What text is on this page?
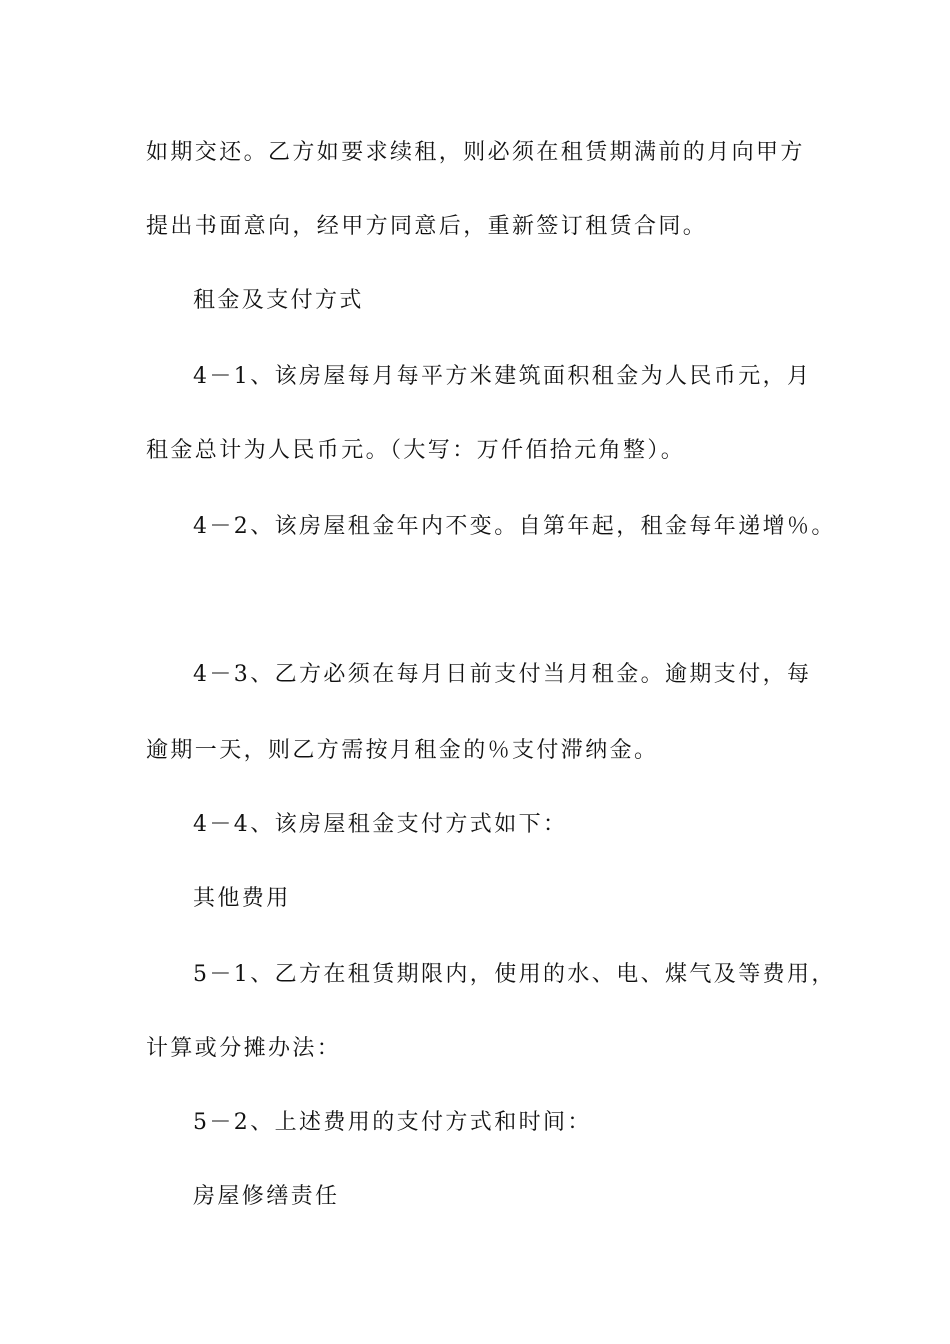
如期交还。乙方如要求续租，则必须在租赁期满前的月向甲方
提出书面意向，经甲方同意后，重新签订租赁合同。
租金及支付方式
4－1、该房屋每月每平方米建筑面积租金为人民币元，月
租金总计为人民币元。（大写：万仟佰拾元角整）。
4－2、该房屋租金年内不变。自第年起，租金每年递增％。
4－3、乙方必须在每月日前支付当月租金。逾期支付，每
逾期一天，则乙方需按月租金的％支付滞纳金。
4－4、该房屋租金支付方式如下：
其他费用
5－1、乙方在租赁期限内，使用的水、电、煤气及等费用，
计算或分摊办法：
5－2、上述费用的支付方式和时间：
房屋修缮责任
